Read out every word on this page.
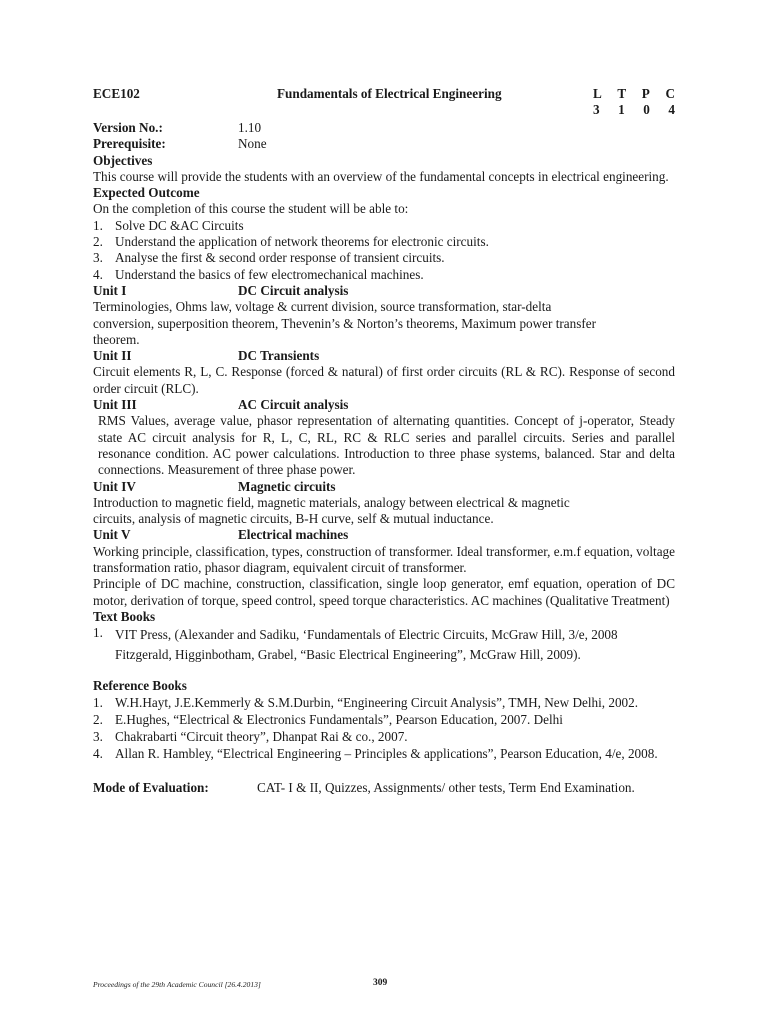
ECE102	Fundamentals of Electrical Engineering	L T P C
3 1 0 4
Version No.:	1.10
Prerequisite:	None
Objectives
This course will provide the students with an overview of the fundamental concepts in electrical engineering.
Expected Outcome
On the completion of this course the student will be able to:
1. Solve DC &AC Circuits
2. Understand the application of network theorems for electronic circuits.
3. Analyse the first & second order response of transient circuits.
4. Understand the basics of few electromechanical machines.
Unit I	DC Circuit analysis
Terminologies, Ohms law, voltage & current division, source transformation, star-delta
conversion, superposition theorem, Thevenin’s & Norton’s theorems, Maximum power transfer
theorem.
Unit II	DC Transients
Circuit elements R, L, C. Response (forced & natural) of first order circuits (RL & RC). Response of second order circuit (RLC).
Unit III	AC Circuit analysis
RMS Values, average value, phasor representation of alternating quantities. Concept of j-operator, Steady state AC circuit analysis for R, L, C, RL, RC & RLC series and parallel circuits. Series and parallel resonance condition. AC power calculations. Introduction to three phase systems, balanced. Star and delta connections. Measurement of three phase power.
Unit IV	Magnetic circuits
Introduction to magnetic field, magnetic materials, analogy between electrical & magnetic
circuits, analysis of magnetic circuits, B-H curve, self & mutual inductance.
Unit V	Electrical machines
Working principle, classification, types, construction of transformer. Ideal transformer, e.m.f equation, voltage transformation ratio, phasor diagram, equivalent circuit of transformer.
Principle of DC machine, construction, classification, single loop generator, emf equation, operation of DC motor, derivation of torque, speed control, speed torque characteristics. AC machines (Qualitative Treatment)
Text Books
1. VIT Press, (Alexander and Sadiku, ‘Fundamentals of Electric Circuits, McGraw Hill, 3/e, 2008 Fitzgerald, Higginbotham, Grabel, “Basic Electrical Engineering”, McGraw Hill, 2009).
Reference Books
1. W.H.Hayt, J.E.Kemmerly & S.M.Durbin, “Engineering Circuit Analysis”, TMH, New Delhi, 2002.
2. E.Hughes, “Electrical & Electronics Fundamentals”, Pearson Education, 2007. Delhi
3. Chakrabarti “Circuit theory”, Dhanpat Rai & co., 2007.
4. Allan R. Hambley, “Electrical Engineering – Principles & applications”, Pearson Education, 4/e, 2008.
Mode of Evaluation:	CAT- I & II, Quizzes, Assignments/ other tests, Term End Examination.
Proceedings of the 29th Academic Council [26.4.2013]	309
